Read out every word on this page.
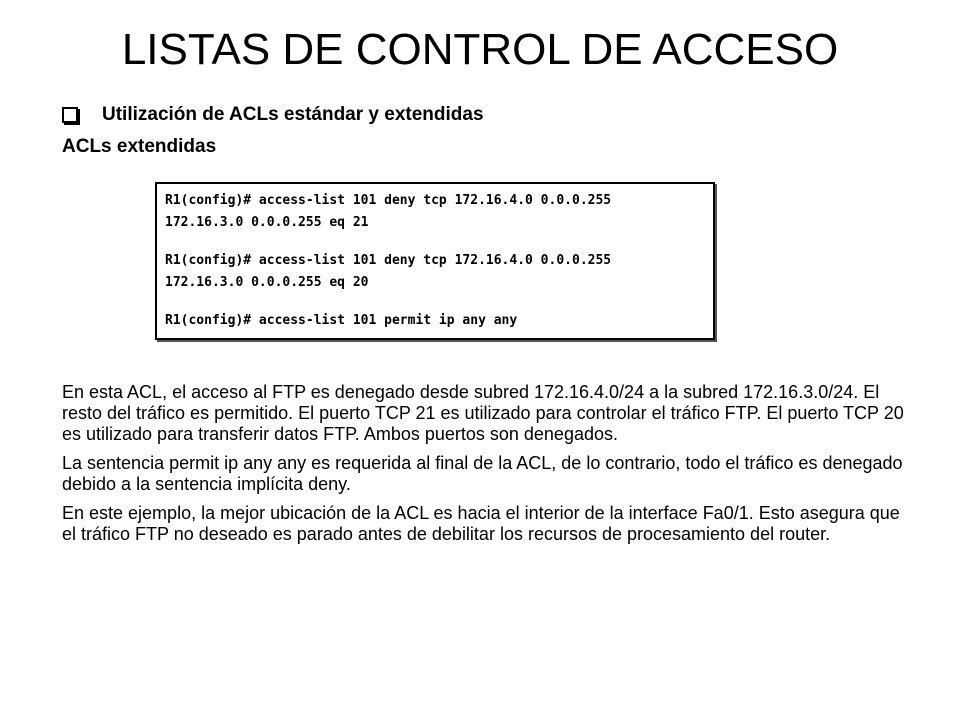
LISTAS DE CONTROL DE ACCESO
Utilización de ACLs estándar y extendidas
ACLs extendidas
R1(config)# access-list 101 deny tcp 172.16.4.0 0.0.0.255
172.16.3.0 0.0.0.255 eq 21
R1(config)# access-list 101 deny tcp 172.16.4.0 0.0.0.255
172.16.3.0 0.0.0.255 eq 20
R1(config)# access-list 101 permit ip any any

En esta ACL, el acceso al FTP es denegado desde subred 172.16.4.0/24 a la subred 172.16.3.0/24. El resto del tráfico es permitido. El puerto TCP 21 es utilizado para controlar el tráfico FTP. El puerto TCP 20 es utilizado para transferir datos FTP. Ambos puertos son denegados.

La sentencia permit ip any any es requerida al final de la ACL, de lo contrario, todo el tráfico es denegado debido a la sentencia implícita deny.

En este ejemplo, la mejor ubicación de la ACL es hacia el interior de la interface Fa0/1. Esto asegura que el tráfico FTP no deseado es parado antes de debilitar los recursos de procesamiento del router.
